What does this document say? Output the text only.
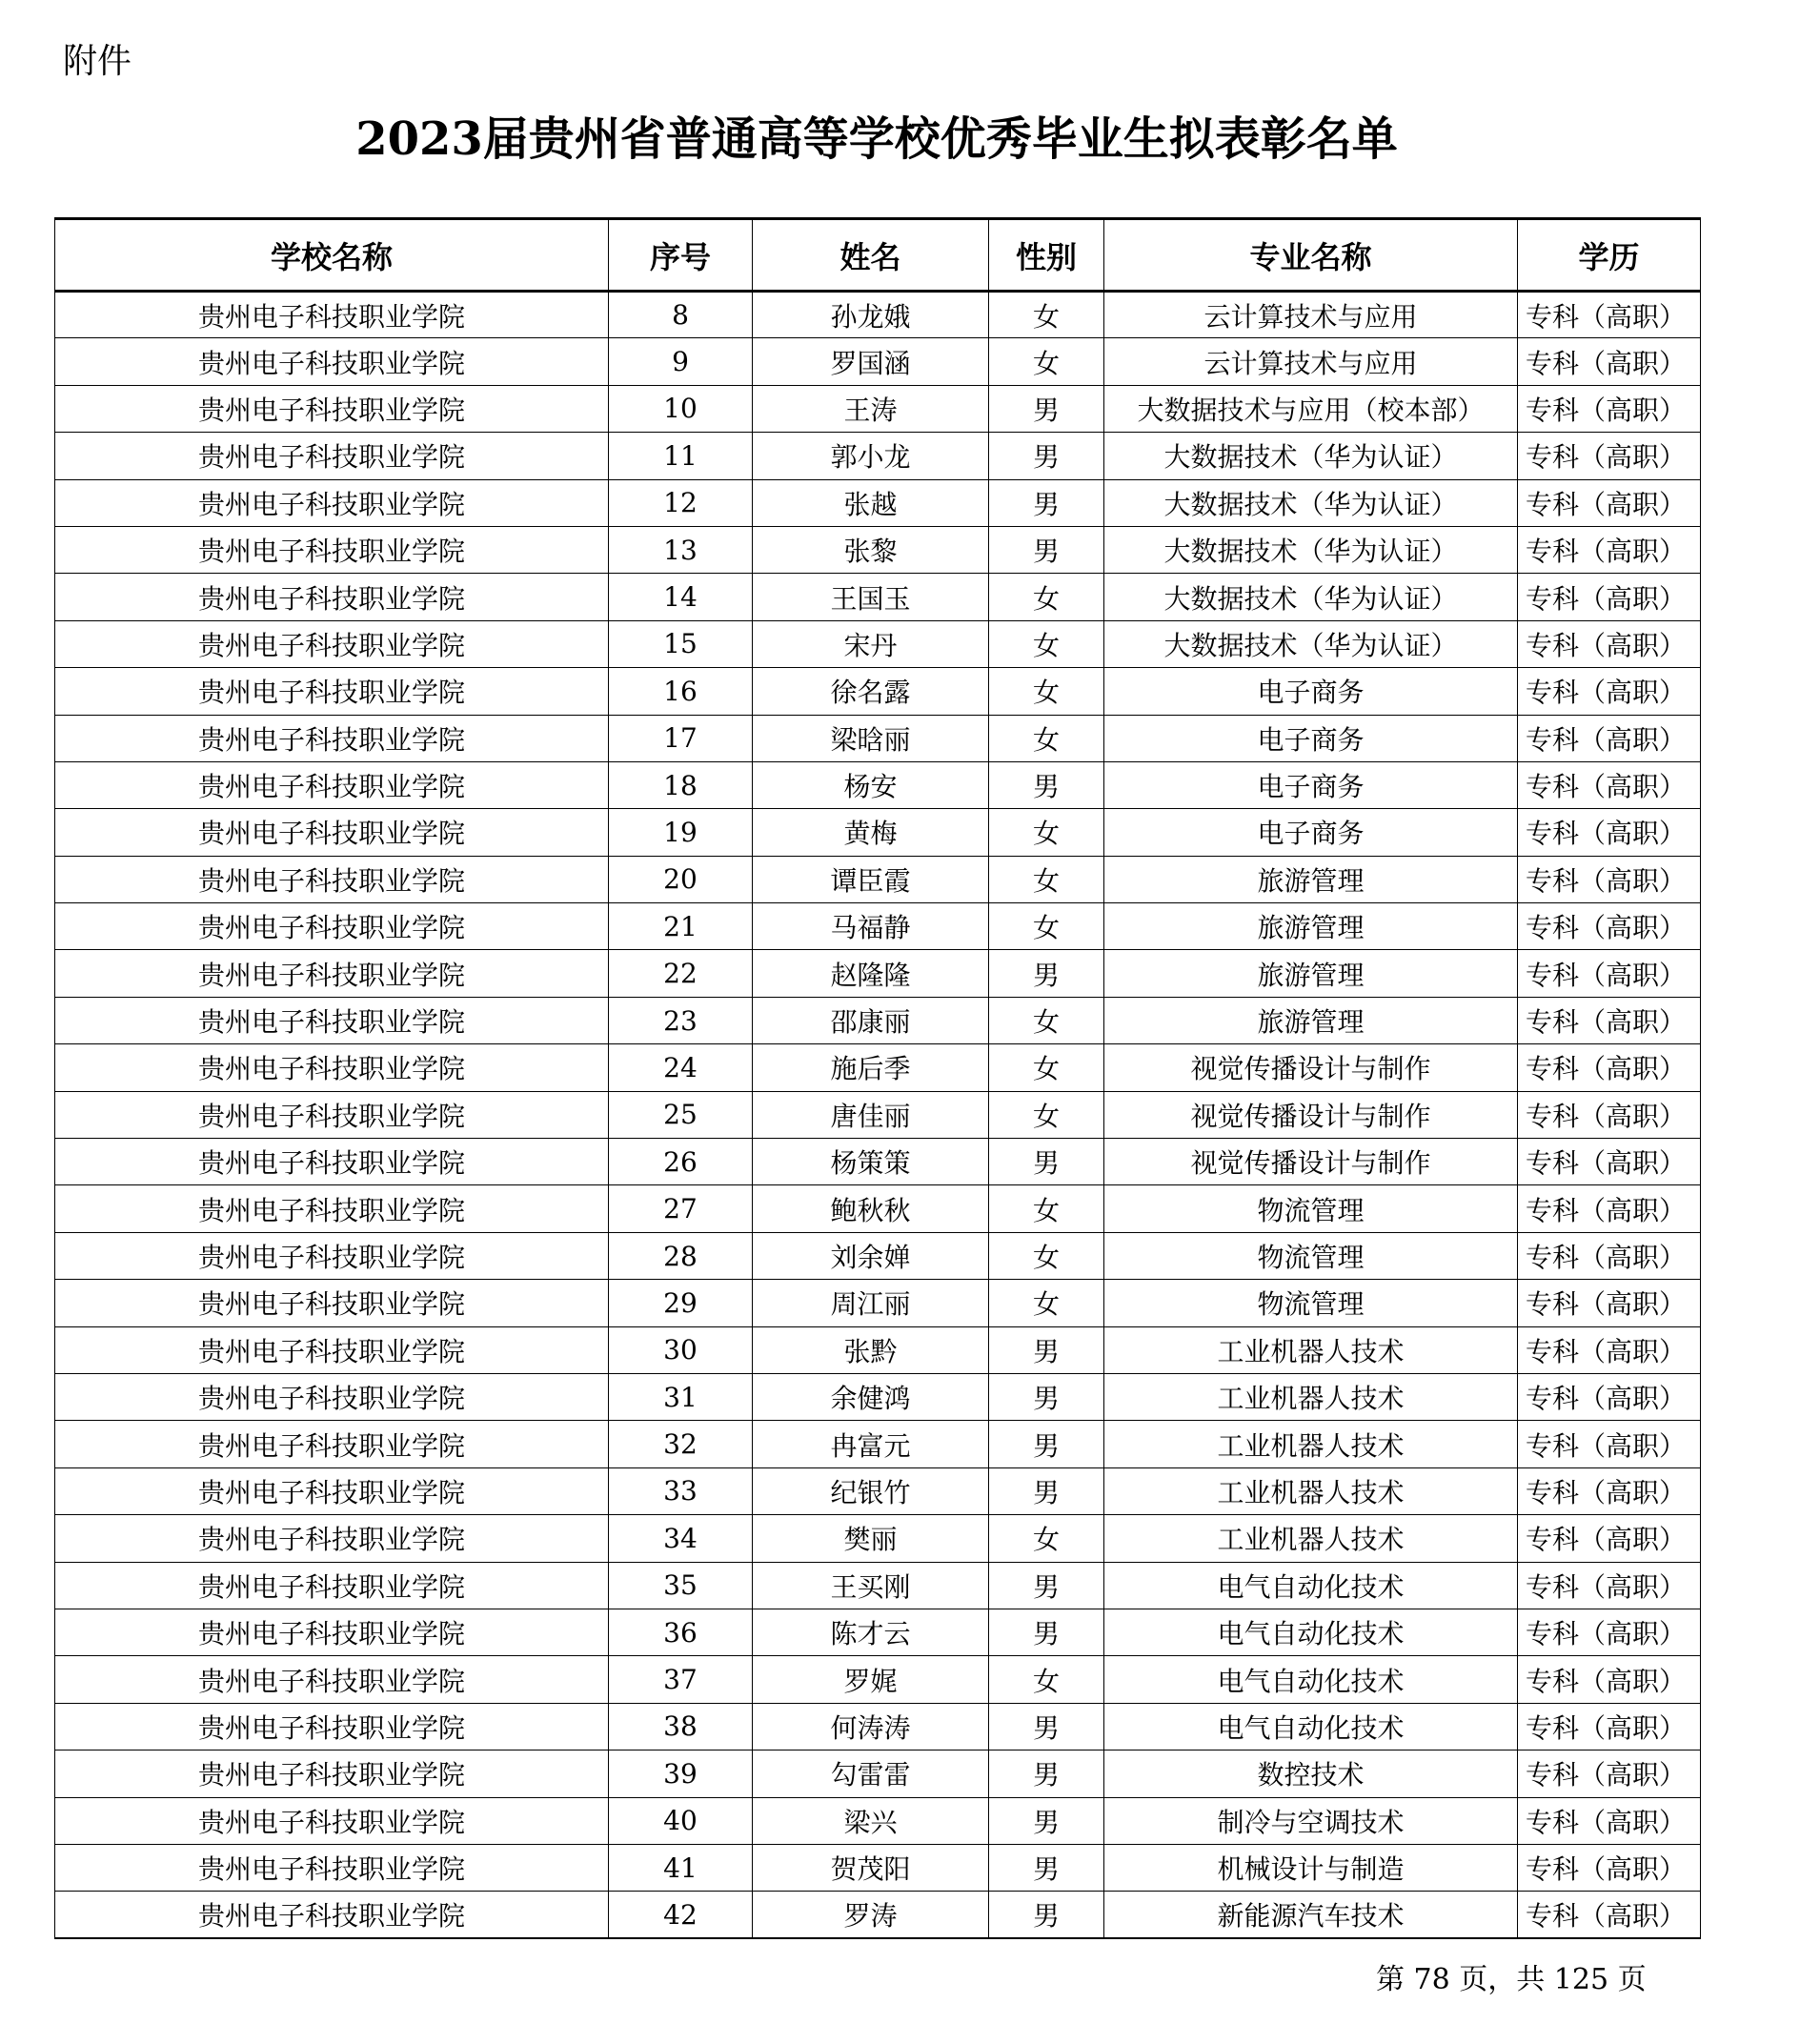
附件
2023届贵州省普通高等学校优秀毕业生拟表彰名单
学校名称	序号	姓名	性别	专业名称	学历
贵州电子科技职业学院	8	孙龙娥	女	云计算技术与应用	专科（高职）
贵州电子科技职业学院	9	罗国涵	女	云计算技术与应用	专科（高职）
贵州电子科技职业学院	10	王涛	男	大数据技术与应用（校本部）	专科（高职）
贵州电子科技职业学院	11	郭小龙	男	大数据技术（华为认证）	专科（高职）
贵州电子科技职业学院	12	张越	男	大数据技术（华为认证）	专科（高职）
贵州电子科技职业学院	13	张黎	男	大数据技术（华为认证）	专科（高职）
贵州电子科技职业学院	14	王国玉	女	大数据技术（华为认证）	专科（高职）
贵州电子科技职业学院	15	宋丹	女	大数据技术（华为认证）	专科（高职）
贵州电子科技职业学院	16	徐名露	女	电子商务	专科（高职）
贵州电子科技职业学院	17	梁晗丽	女	电子商务	专科（高职）
贵州电子科技职业学院	18	杨安	男	电子商务	专科（高职）
贵州电子科技职业学院	19	黄梅	女	电子商务	专科（高职）
贵州电子科技职业学院	20	谭臣霞	女	旅游管理	专科（高职）
贵州电子科技职业学院	21	马福静	女	旅游管理	专科（高职）
贵州电子科技职业学院	22	赵隆隆	男	旅游管理	专科（高职）
贵州电子科技职业学院	23	邵康丽	女	旅游管理	专科（高职）
贵州电子科技职业学院	24	施后季	女	视觉传播设计与制作	专科（高职）
贵州电子科技职业学院	25	唐佳丽	女	视觉传播设计与制作	专科（高职）
贵州电子科技职业学院	26	杨策策	男	视觉传播设计与制作	专科（高职）
贵州电子科技职业学院	27	鲍秋秋	女	物流管理	专科（高职）
贵州电子科技职业学院	28	刘余婵	女	物流管理	专科（高职）
贵州电子科技职业学院	29	周江丽	女	物流管理	专科（高职）
贵州电子科技职业学院	30	张黔	男	工业机器人技术	专科（高职）
贵州电子科技职业学院	31	余健鸿	男	工业机器人技术	专科（高职）
贵州电子科技职业学院	32	冉富元	男	工业机器人技术	专科（高职）
贵州电子科技职业学院	33	纪银竹	男	工业机器人技术	专科（高职）
贵州电子科技职业学院	34	樊丽	女	工业机器人技术	专科（高职）
贵州电子科技职业学院	35	王买刚	男	电气自动化技术	专科（高职）
贵州电子科技职业学院	36	陈才云	男	电气自动化技术	专科（高职）
贵州电子科技职业学院	37	罗娓	女	电气自动化技术	专科（高职）
贵州电子科技职业学院	38	何涛涛	男	电气自动化技术	专科（高职）
贵州电子科技职业学院	39	勾雷雷	男	数控技术	专科（高职）
贵州电子科技职业学院	40	梁兴	男	制冷与空调技术	专科（高职）
贵州电子科技职业学院	41	贺茂阳	男	机械设计与制造	专科（高职）
贵州电子科技职业学院	42	罗涛	男	新能源汽车技术	专科（高职）
第 78 页，共 125 页
